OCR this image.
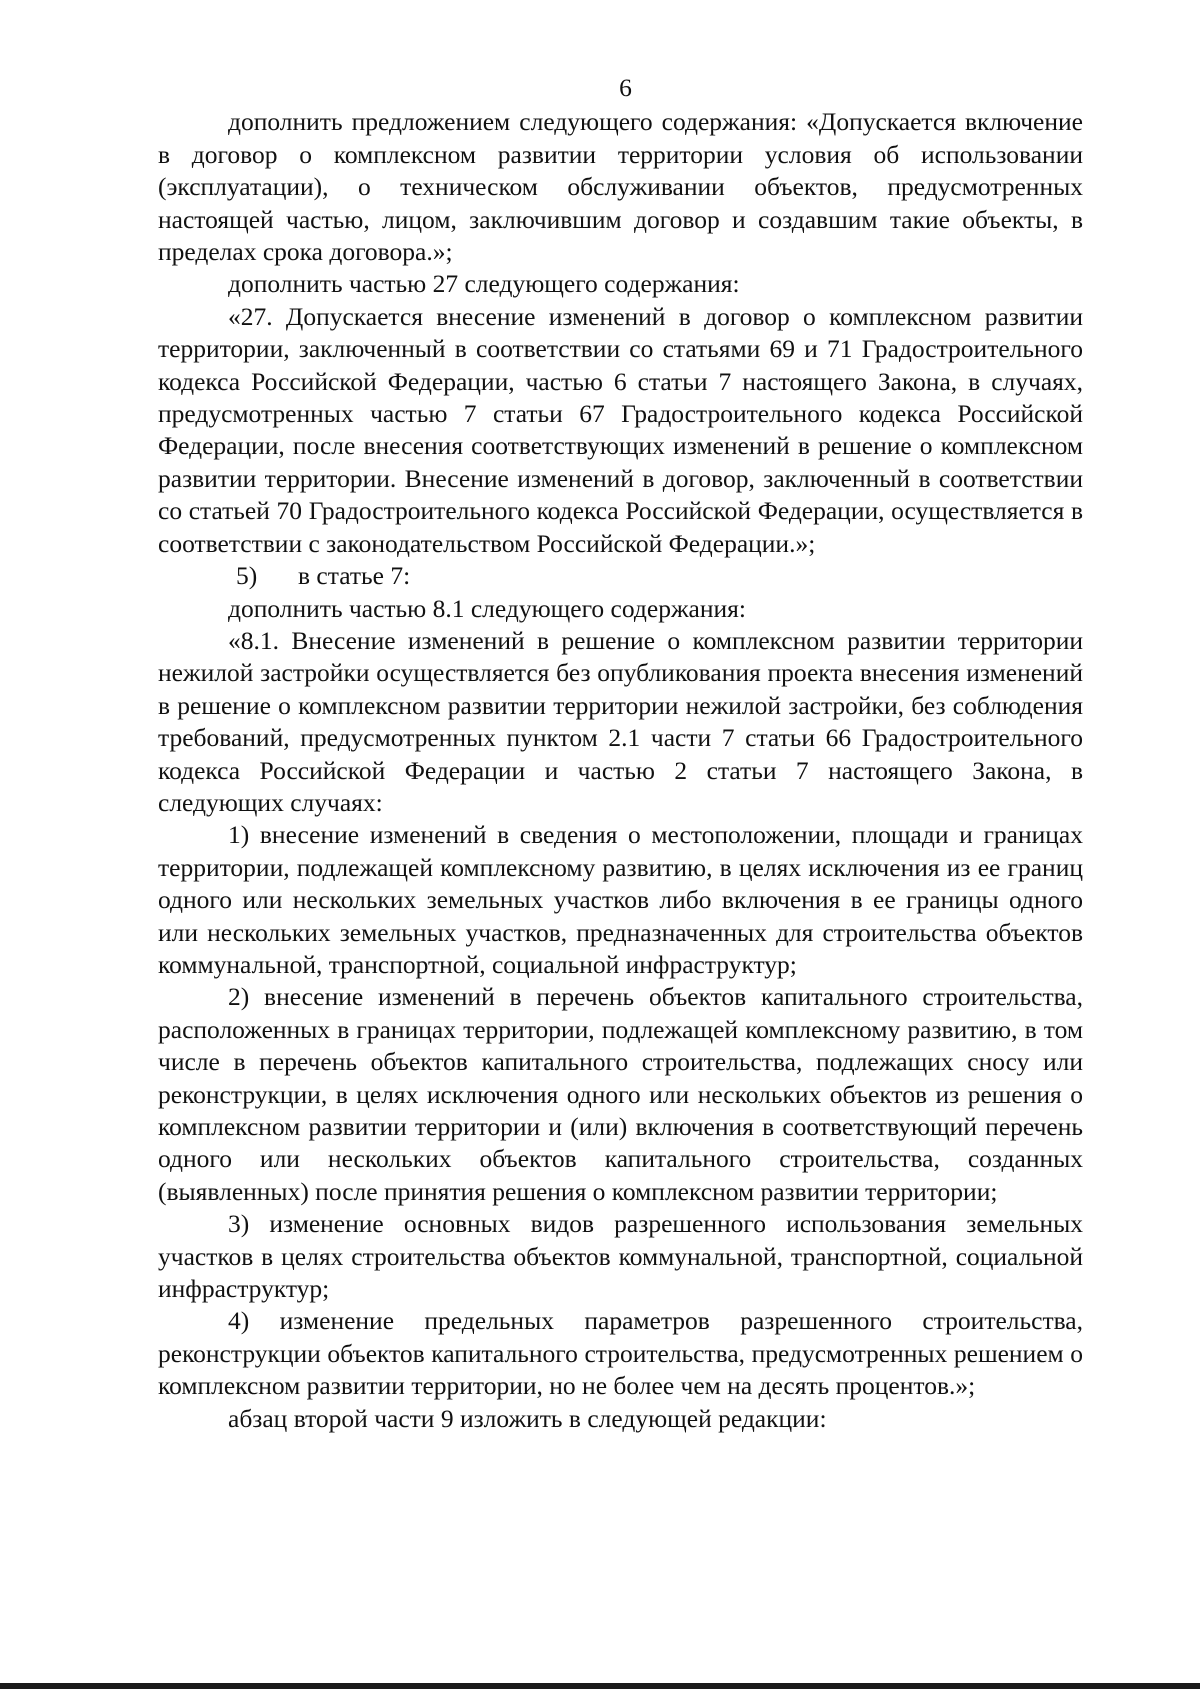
6

дополнить предложением следующего содержания: «Допускается включение в договор о комплексном развитии территории условия об использовании (эксплуатации), о техническом обслуживании объектов, предусмотренных настоящей частью, лицом, заключившим договор и создавшим такие объекты, в пределах срока договора.»;

дополнить частью 27 следующего содержания:

«27. Допускается внесение изменений в договор о комплексном развитии территории, заключенный в соответствии со статьями 69 и 71 Градостроительного кодекса Российской Федерации, частью 6 статьи 7 настоящего Закона, в случаях, предусмотренных частью 7 статьи 67 Градостроительного кодекса Российской Федерации, после внесения соответствующих изменений в решение о комплексном развитии территории. Внесение изменений в договор, заключенный в соответствии со статьей 70 Градостроительного кодекса Российской Федерации, осуществляется в соответствии с законодательством Российской Федерации.»;

5) в статье 7:

дополнить частью 8.1 следующего содержания:

«8.1. Внесение изменений в решение о комплексном развитии территории нежилой застройки осуществляется без опубликования проекта внесения изменений в решение о комплексном развитии территории нежилой застройки, без соблюдения требований, предусмотренных пунктом 2.1 части 7 статьи 66 Градостроительного кодекса Российской Федерации и частью 2 статьи 7 настоящего Закона, в следующих случаях:

1) внесение изменений в сведения о местоположении, площади и границах территории, подлежащей комплексному развитию, в целях исключения из ее границ одного или нескольких земельных участков либо включения в ее границы одного или нескольких земельных участков, предназначенных для строительства объектов коммунальной, транспортной, социальной инфраструктур;

2) внесение изменений в перечень объектов капитального строительства, расположенных в границах территории, подлежащей комплексному развитию, в том числе в перечень объектов капитального строительства, подлежащих сносу или реконструкции, в целях исключения одного или нескольких объектов из решения о комплексном развитии территории и (или) включения в соответствующий перечень одного или нескольких объектов капитального строительства, созданных (выявленных) после принятия решения о комплексном развитии территории;

3) изменение основных видов разрешенного использования земельных участков в целях строительства объектов коммунальной, транспортной, социальной инфраструктур;

4) изменение предельных параметров разрешенного строительства, реконструкции объектов капитального строительства, предусмотренных решением о комплексном развитии территории, но не более чем на десять процентов.»;

абзац второй части 9 изложить в следующей редакции:
